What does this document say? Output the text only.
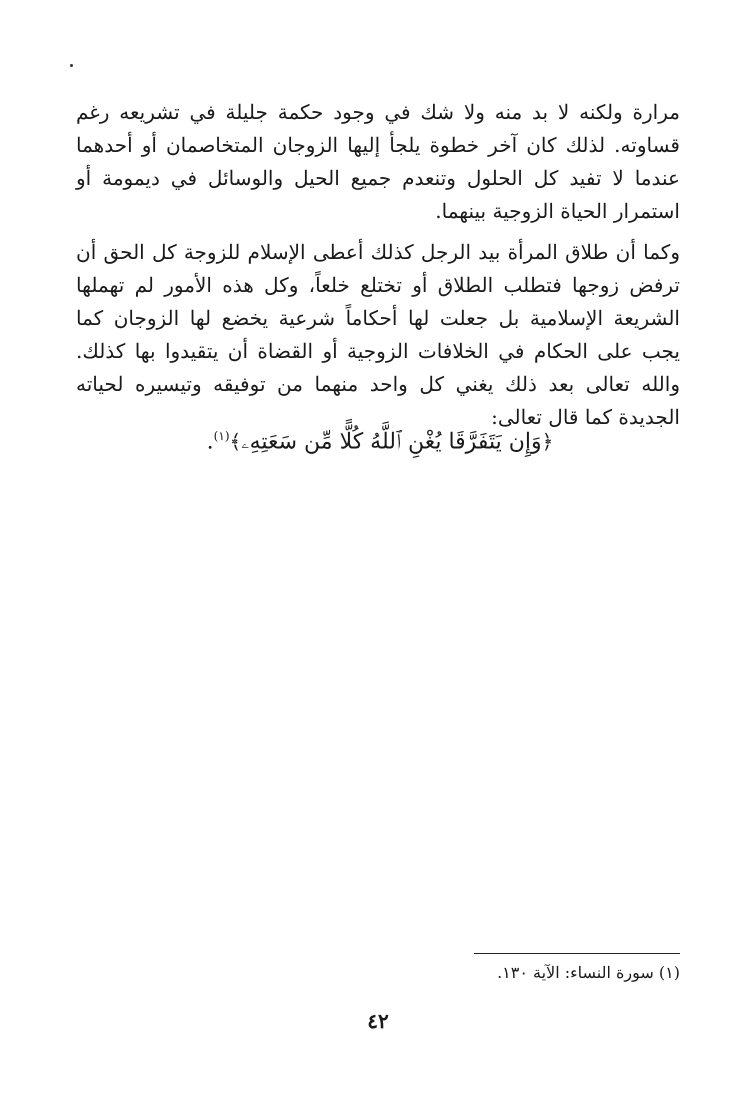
مرارة ولكنه لا بد منه ولا شك في وجود حكمة جليلة في تشريعه رغم قساوته. لذلك كان آخر خطوة يلجأ إليها الزوجان المتخاصمان أو أحدهما عندما لا تفيد كل الحلول وتنعدم جميع الحيل والوسائل في ديمومة أو استمرار الحياة الزوجية بينهما.

وكما أن طلاق المرأة بيد الرجل كذلك أعطى الإسلام للزوجة كل الحق أن ترفض زوجها فتطلب الطلاق أو تختلع خلعاً، وكل هذه الأمور لم تهملها الشريعة الإسلامية بل جعلت لها أحكاماً شرعية يخضع لها الزوجان كما يجب على الحكام في الخلافات الزوجية أو القضاة أن يتقيدوا بها كذلك. والله تعالى بعد ذلك يغني كل واحد منهما من توفيقه وتيسيره لحياته الجديدة كما قال تعالى:

﴿وَإِن يَتَفَرَّقَا يُغْنِ ٱللَّهُ كُلًّا مِّن سَعَتِهِۦ﴾$^{(١)}$.
(١) سورة النساء: الآية ١٣٠.
٤٢
